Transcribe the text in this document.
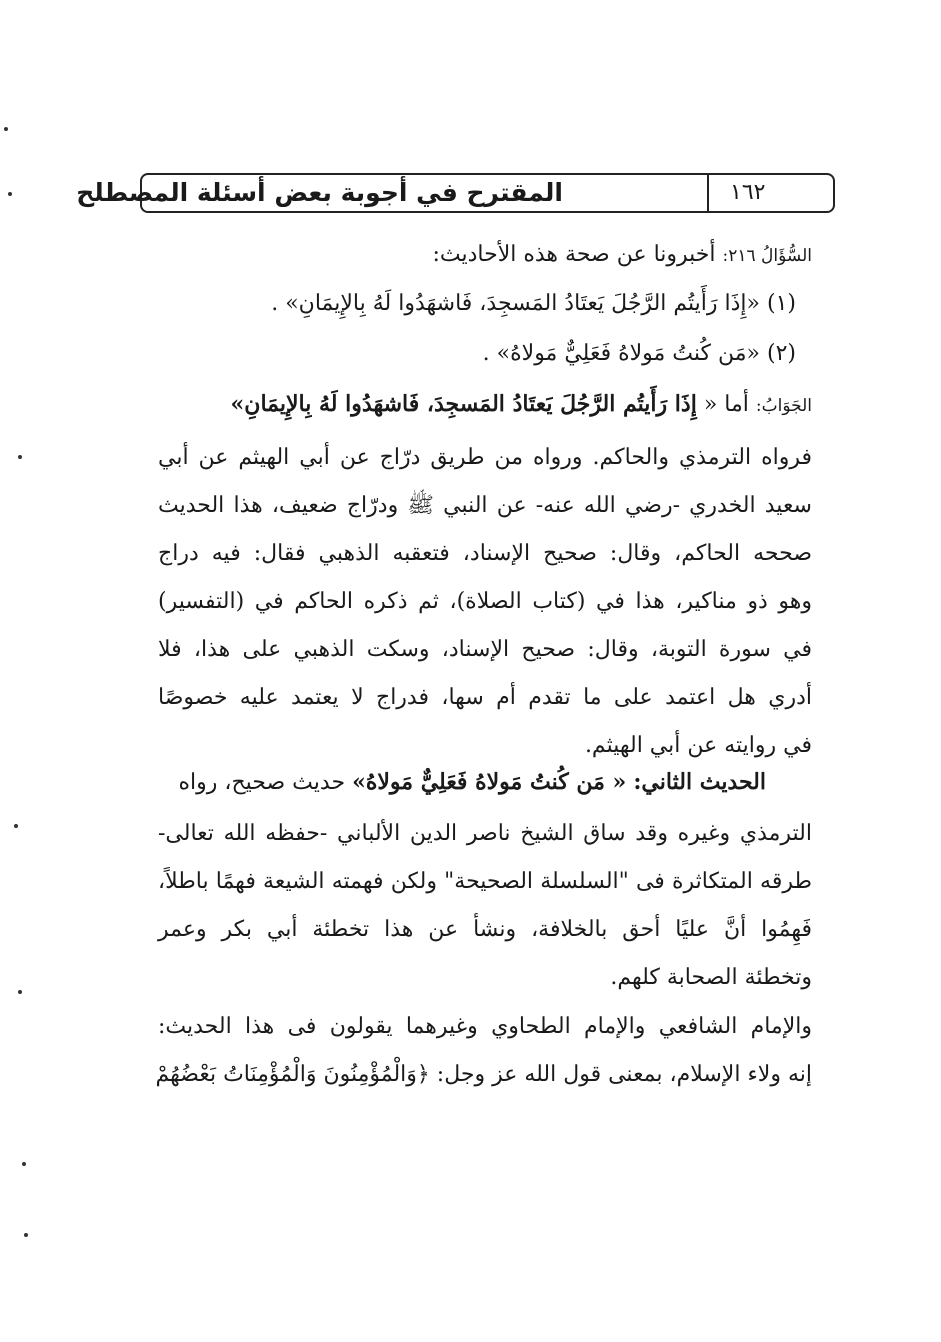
المقترح في أجوبة بعض أسئلة المصطلح	١٦٢
السُّؤَالُ ٢١٦: أخبرونا عن صحة هذه الأحاديث:
(١) «إِذَا رَأَيتُم الرَّجُلَ يَعتَادُ المَسجِدَ، فَاشهَدُوا لَهُ بِالإِيمَانِ» .
(٢) «مَن كُنتُ مَولاهُ فَعَلِيٌّ مَولاهُ» .
الجَوَابُ: أما « إِذَا رَأَيتُم الرَّجُلَ يَعتَادُ المَسجِدَ، فَاشهَدُوا لَهُ بِالإِيمَانِ»
فرواه الترمذي والحاكم. ورواه من طريق درّاج عن أبي الهيثم عن أبي
سعيد الخدري -رضي الله عنه- عن النبي ﷺ ودرّاج ضعيف، هذا الحديث
صححه الحاكم، وقال: صحيح الإسناد، فتعقبه الذهبي فقال: فيه دراج
وهو ذو مناكير، هذا في (كتاب الصلاة)، ثم ذكره الحاكم في (التفسير)
في سورة التوبة، وقال: صحيح الإسناد، وسكت الذهبي على هذا، فلا
أدري هل اعتمد على ما تقدم أم سها، فدراج لا يعتمد عليه خصوصًا
في روايته عن أبي الهيثم.
الحديث الثاني: « مَن كُنتُ مَولاهُ فَعَلِيٌّ مَولاهُ» حديث صحيح، رواه
الترمذي وغيره وقد ساق الشيخ ناصر الدين الألباني -حفظه الله تعالى-
طرقه المتكاثرة فى "السلسلة الصحيحة" ولكن فهمته الشيعة فهمًا باطلاً،
فَهِمُوا أنَّ عليًا أحق بالخلافة، ونشأ عن هذا تخطئة أبي بكر وعمر
وتخطئة الصحابة كلهم.
والإمام الشافعي والإمام الطحاوي وغيرهما يقولون فى هذا الحديث:
إنه ولاء الإسلام، بمعنى قول الله عز وجل: ﴿وَالْمُؤْمِنُونَ وَالْمُؤْمِنَاتُ بَعْضُهُمْ
